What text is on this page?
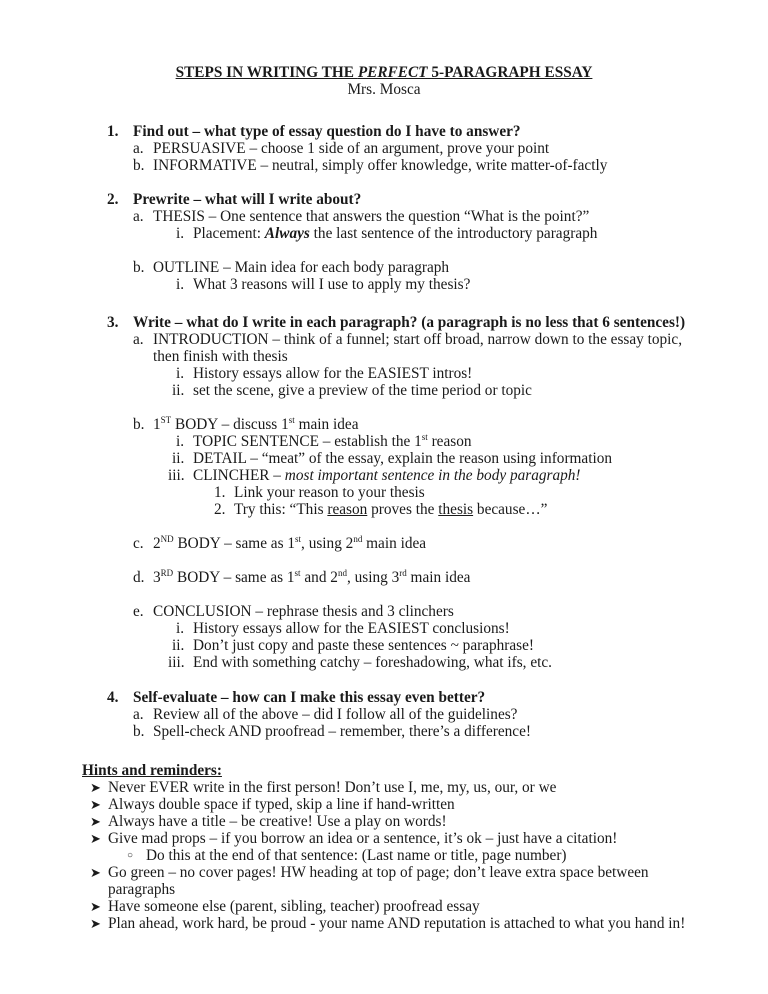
STEPS IN WRITING THE PERFECT 5-PARAGRAPH ESSAY
Mrs. Mosca
1. Find out – what type of essay question do I have to answer?
a. PERSUASIVE – choose 1 side of an argument, prove your point
b. INFORMATIVE – neutral, simply offer knowledge, write matter-of-factly
2. Prewrite – what will I write about?
a. THESIS – One sentence that answers the question “What is the point?”
i. Placement: Always the last sentence of the introductory paragraph
b. OUTLINE – Main idea for each body paragraph
i. What 3 reasons will I use to apply my thesis?
3. Write – what do I write in each paragraph? (a paragraph is no less that 6 sentences!)
a. INTRODUCTION – think of a funnel; start off broad, narrow down to the essay topic,
then finish with thesis
i. History essays allow for the EASIEST intros!
ii. set the scene, give a preview of the time period or topic
b. 1ST BODY – discuss 1st main idea
i. TOPIC SENTENCE – establish the 1st reason
ii. DETAIL – “meat” of the essay, explain the reason using information
iii. CLINCHER – most important sentence in the body paragraph!
1. Link your reason to your thesis
2. Try this: “This reason proves the thesis because…”
c. 2ND BODY – same as 1st, using 2nd main idea
d. 3RD BODY – same as 1st and 2nd, using 3rd main idea
e. CONCLUSION – rephrase thesis and 3 clinchers
i. History essays allow for the EASIEST conclusions!
ii. Don’t just copy and paste these sentences ~ paraphrase!
iii. End with something catchy – foreshadowing, what ifs, etc.
4. Self-evaluate – how can I make this essay even better?
a. Review all of the above – did I follow all of the guidelines?
b. Spell-check AND proofread – remember, there’s a difference!
Hints and reminders:
➤ Never EVER write in the first person! Don’t use I, me, my, us, our, or we
➤ Always double space if typed, skip a line if hand-written
➤ Always have a title – be creative! Use a play on words!
➤ Give mad props – if you borrow an idea or a sentence, it’s ok – just have a citation!
○ Do this at the end of that sentence: (Last name or title, page number)
➤ Go green – no cover pages! HW heading at top of page; don’t leave extra space between
paragraphs
➤ Have someone else (parent, sibling, teacher) proofread essay
➤ Plan ahead, work hard, be proud - your name AND reputation is attached to what you hand in!
